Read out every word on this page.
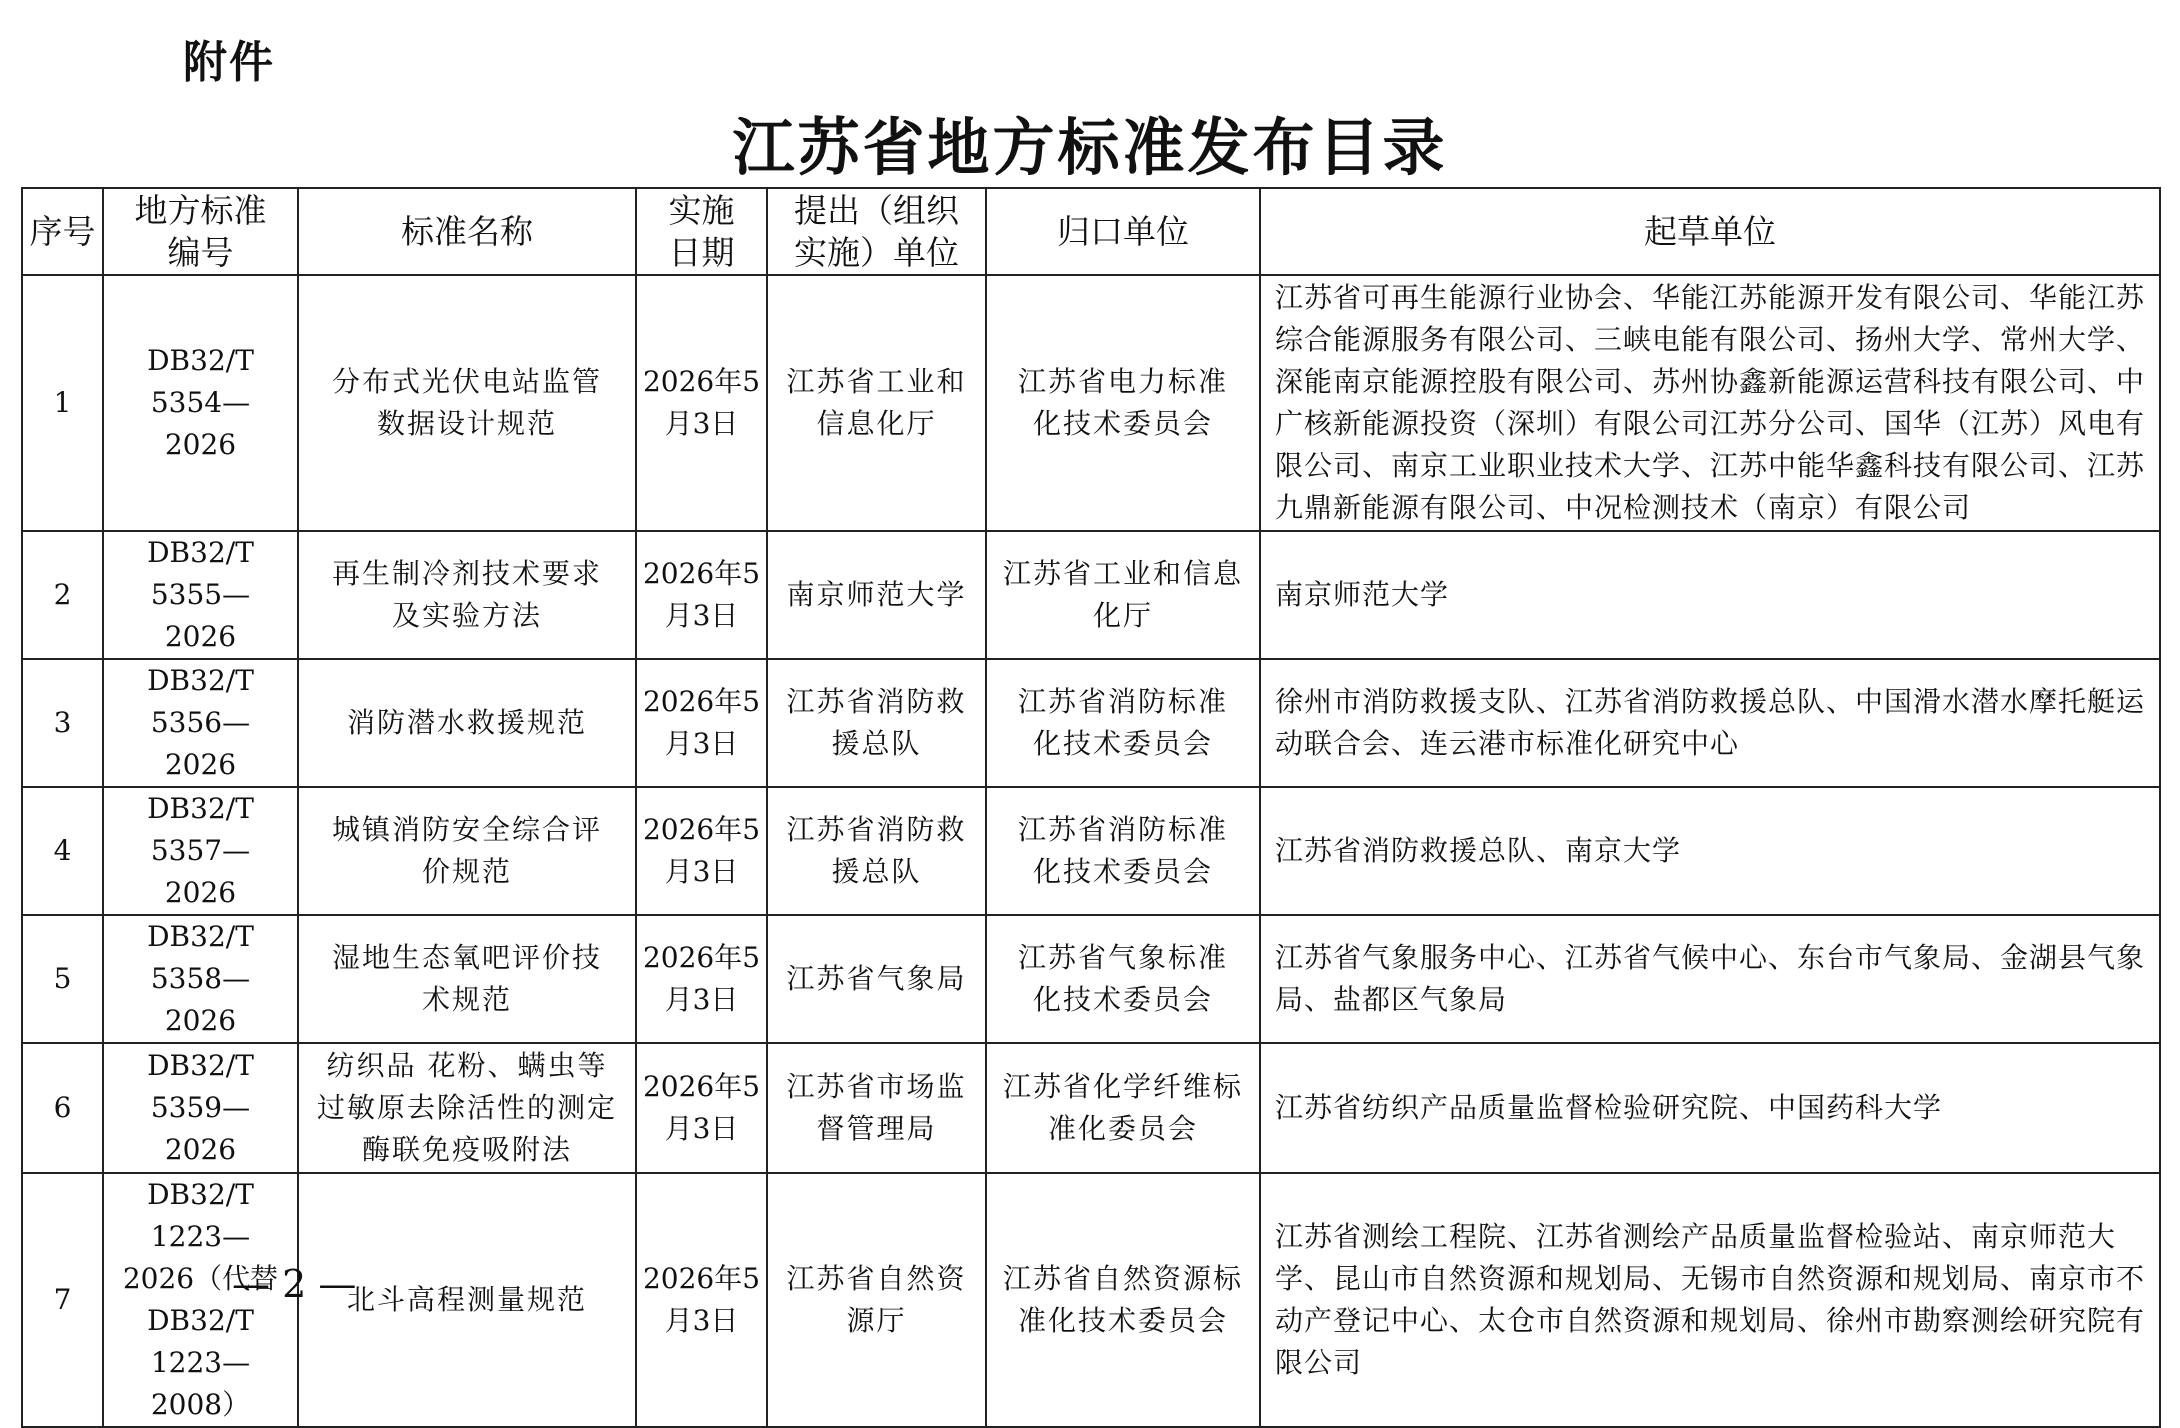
附件
江苏省地方标准发布目录
序号	地方标准编号	标准名称	实施日期	提出（组织实施）单位	归口单位	起草单位
1	DB32/T 5354—2026	分布式光伏电站监管数据设计规范	2026年5月3日	江苏省工业和信息化厅	江苏省电力标准化技术委员会	江苏省可再生能源行业协会、华能江苏能源开发有限公司、华能江苏综合能源服务有限公司、三峡电能有限公司、扬州大学、常州大学、深能南京能源控股有限公司、苏州协鑫新能源运营科技有限公司、中广核新能源投资（深圳）有限公司江苏分公司、国华（江苏）风电有限公司、南京工业职业技术大学、江苏中能华鑫科技有限公司、江苏九鼎新能源有限公司、中况检测技术（南京）有限公司
2	DB32/T 5355—2026	再生制冷剂技术要求及实验方法	2026年5月3日	南京师范大学	江苏省工业和信息化厅	南京师范大学
3	DB32/T 5356—2026	消防潜水救援规范	2026年5月3日	江苏省消防救援总队	江苏省消防标准化技术委员会	徐州市消防救援支队、江苏省消防救援总队、中国滑水潜水摩托艇运动联合会、连云港市标准化研究中心
4	DB32/T 5357—2026	城镇消防安全综合评价规范	2026年5月3日	江苏省消防救援总队	江苏省消防标准化技术委员会	江苏省消防救援总队、南京大学
5	DB32/T 5358—2026	湿地生态氧吧评价技术规范	2026年5月3日	江苏省气象局	江苏省气象标准化技术委员会	江苏省气象服务中心、江苏省气候中心、东台市气象局、金湖县气象局、盐都区气象局
6	DB32/T 5359—2026	纺织品 花粉、螨虫等过敏原去除活性的测定 酶联免疫吸附法	2026年5月3日	江苏省市场监督管理局	江苏省化学纤维标准化委员会	江苏省纺织产品质量监督检验研究院、中国药科大学
7	DB32/T 1223—2026（代替DB32/T 1223—2008）	北斗高程测量规范	2026年5月3日	江苏省自然资源厅	江苏省自然资源标准化技术委员会	江苏省测绘工程院、江苏省测绘产品质量监督检验站、南京师范大学、昆山市自然资源和规划局、无锡市自然资源和规划局、南京市不动产登记中心、太仓市自然资源和规划局、徐州市勘察测绘研究院有限公司
— 2 —
